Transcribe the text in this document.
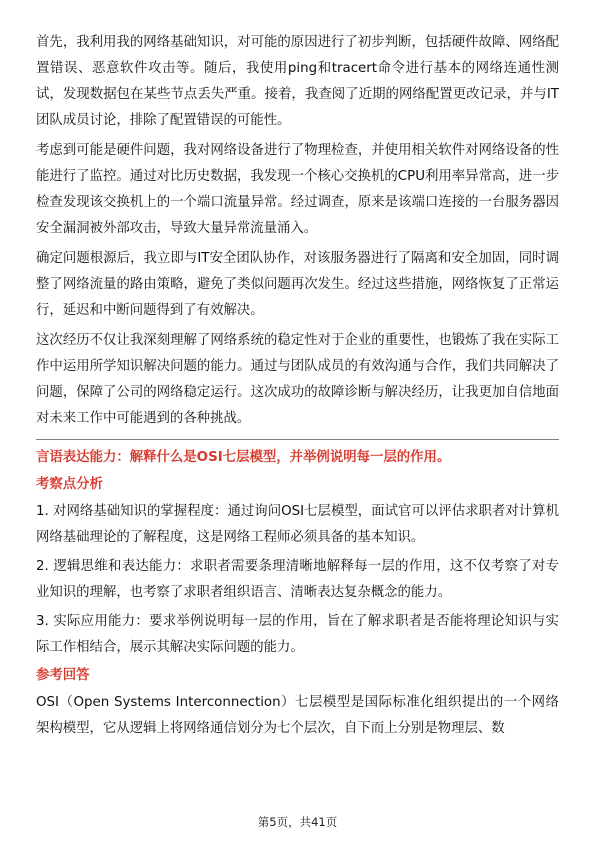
首先，我利用我的网络基础知识，对可能的原因进行了初步判断，包括硬件故障、网络配置错误、恶意软件攻击等。随后，我使用ping和tracert命令进行基本的网络连通性测试，发现数据包在某些节点丢失严重。接着，我查阅了近期的网络配置更改记录，并与IT团队成员讨论，排除了配置错误的可能性。

考虑到可能是硬件问题，我对网络设备进行了物理检查，并使用相关软件对网络设备的性能进行了监控。通过对比历史数据，我发现一个核心交换机的CPU利用率异常高，进一步检查发现该交换机上的一个端口流量异常。经过调查，原来是该端口连接的一台服务器因安全漏洞被外部攻击，导致大量异常流量涌入。

确定问题根源后，我立即与IT安全团队协作，对该服务器进行了隔离和安全加固，同时调整了网络流量的路由策略，避免了类似问题再次发生。经过这些措施，网络恢复了正常运行，延迟和中断问题得到了有效解决。

这次经历不仅让我深刻理解了网络系统的稳定性对于企业的重要性，也锻炼了我在实际工作中运用所学知识解决问题的能力。通过与团队成员的有效沟通与合作，我们共同解决了问题，保障了公司的网络稳定运行。这次成功的故障诊断与解决经历，让我更加自信地面对未来工作中可能遇到的各种挑战。

言语表达能力：解释什么是OSI七层模型，并举例说明每一层的作用。
考察点分析
1. 对网络基础知识的掌握程度：通过询问OSI七层模型，面试官可以评估求职者对计算机网络基础理论的了解程度，这是网络工程师必须具备的基本知识。
2. 逻辑思维和表达能力：求职者需要条理清晰地解释每一层的作用，这不仅考察了对专业知识的理解，也考察了求职者组织语言、清晰表达复杂概念的能力。
3. 实际应用能力：要求举例说明每一层的作用，旨在了解求职者是否能将理论知识与实际工作相结合，展示其解决实际问题的能力。
参考回答

OSI（Open Systems Interconnection）七层模型是国际标准化组织提出的一个网络架构模型，它从逻辑上将网络通信划分为七个层次，自下而上分别是物理层、数

第5页，共41页
